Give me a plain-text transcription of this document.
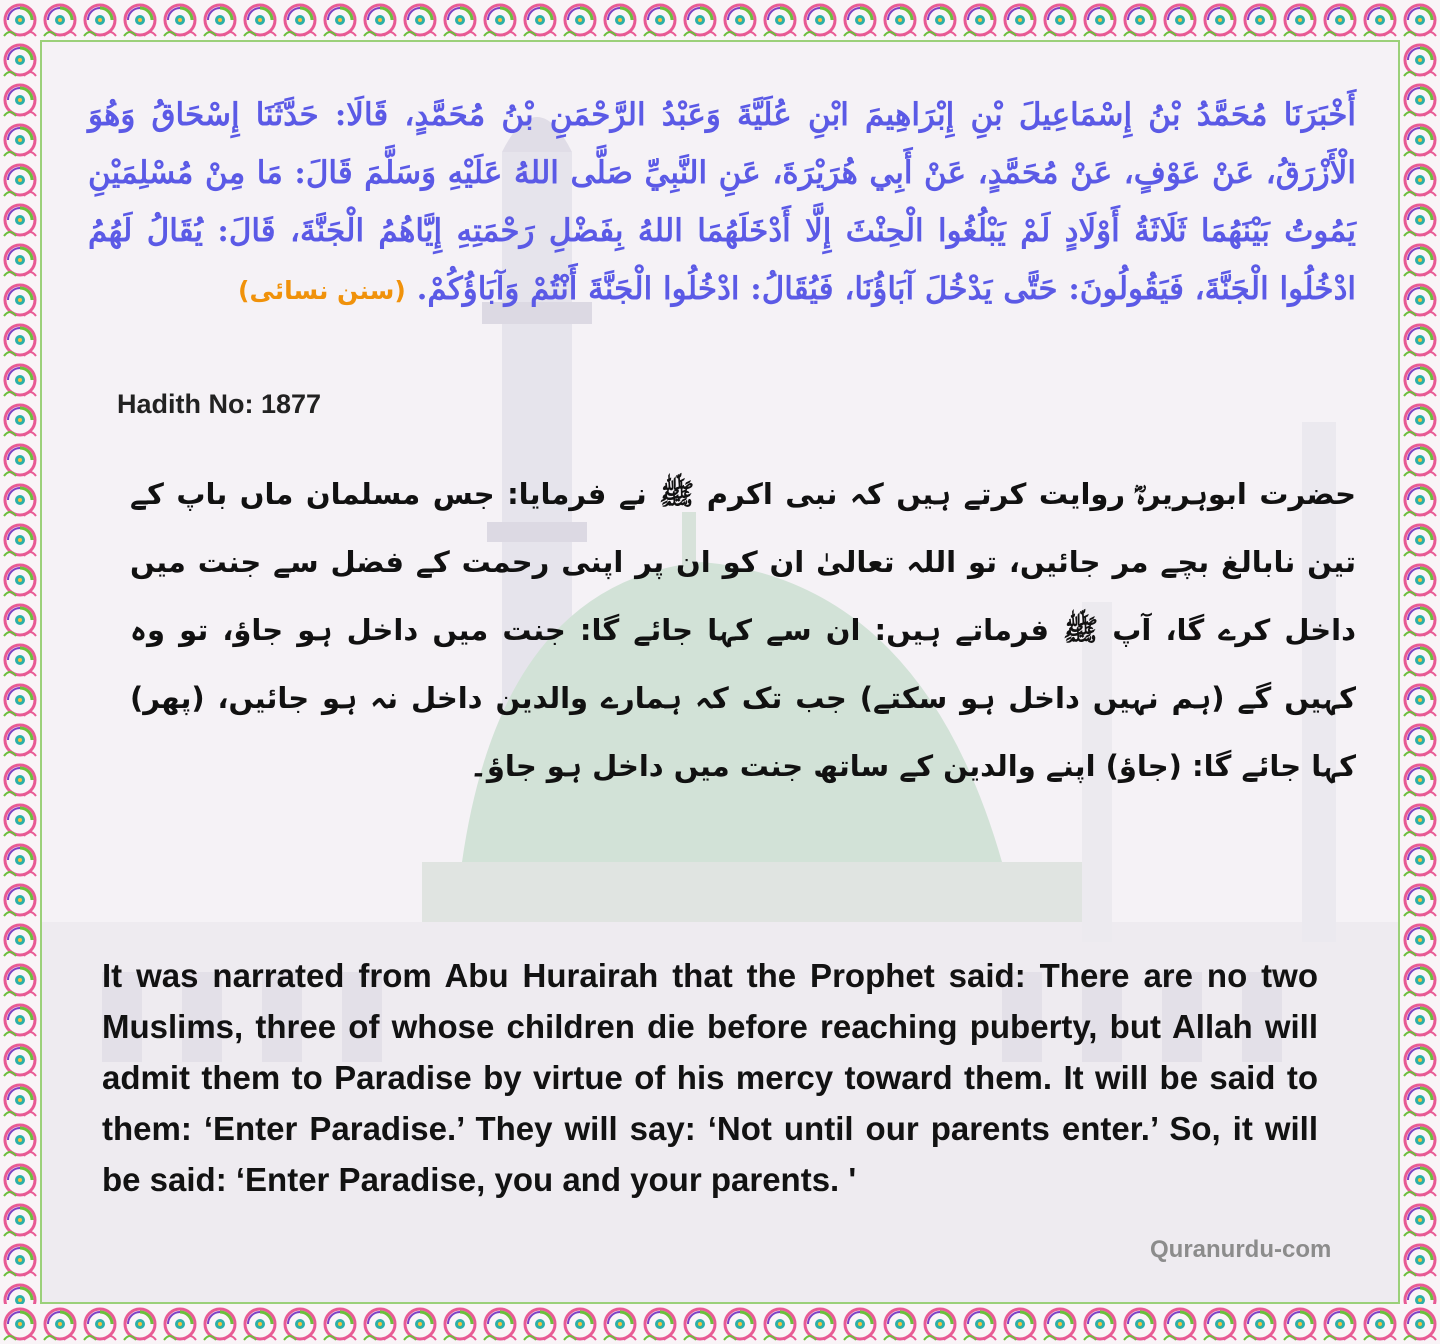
أَخْبَرَنَا مُحَمَّدُ بْنُ إِسْمَاعِيلَ بْنِ إِبْرَاهِيمَ ابْنِ عُلَيَّةَ وَعَبْدُ الرَّحْمَنِ بْنُ مُحَمَّدٍ، قَالَا: حَدَّثَنَا إِسْحَاقُ وَهُوَ الْأَزْرَقُ، عَنْ عَوْفٍ، عَنْ مُحَمَّدٍ، عَنْ أَبِي هُرَيْرَةَ، عَنِ النَّبِيِّ صَلَّى اللهُ عَلَيْهِ وَسَلَّمَ قَالَ: مَا مِنْ مُسْلِمَيْنِ يَمُوتُ بَيْنَهُمَا ثَلَاثَةُ أَوْلَادٍ لَمْ يَبْلُغُوا الْحِنْثَ إِلَّا أَدْخَلَهُمَا اللهُ بِفَضْلِ رَحْمَتِهِ إِيَّاهُمُ الْجَنَّةَ، قَالَ: يُقَالُ لَهُمُ ادْخُلُوا الْجَنَّةَ، فَيَقُولُونَ: حَتَّى يَدْخُلَ آبَاؤُنَا، فَيُقَالُ: ادْخُلُوا الْجَنَّةَ أَنْتُمْ وَآبَاؤُكُمْ. (سنن نسائی)
Hadith No: 1877
حضرت ابوہریرہؓ روایت کرتے ہیں کہ نبی اکرم ﷺ نے فرمایا: جس مسلمان ماں باپ کے تین نابالغ بچے مر جائیں، تو اللہ تعالیٰ ان کو ان پر اپنی رحمت کے فضل سے جنت میں داخل کرے گا، آپ ﷺ فرماتے ہیں: ان سے کہا جائے گا: جنت میں داخل ہو جاؤ، تو وہ کہیں گے (ہم نہیں داخل ہو سکتے) جب تک کہ ہمارے والدین داخل نہ ہو جائیں، (پھر) کہا جائے گا: (جاؤ) اپنے والدین کے ساتھ جنت میں داخل ہو جاؤ۔
It was narrated from Abu Hurairah that the Prophet said: There are no two Muslims, three of whose children die before reaching puberty, but Allah will admit them to Paradise by virtue of his mercy toward them. It will be said to them: ‘Enter Paradise.’ They will say: ‘Not until our parents enter.’ So, it will be said: ‘Enter Paradise, you and your parents. '
Quranurdu-com
